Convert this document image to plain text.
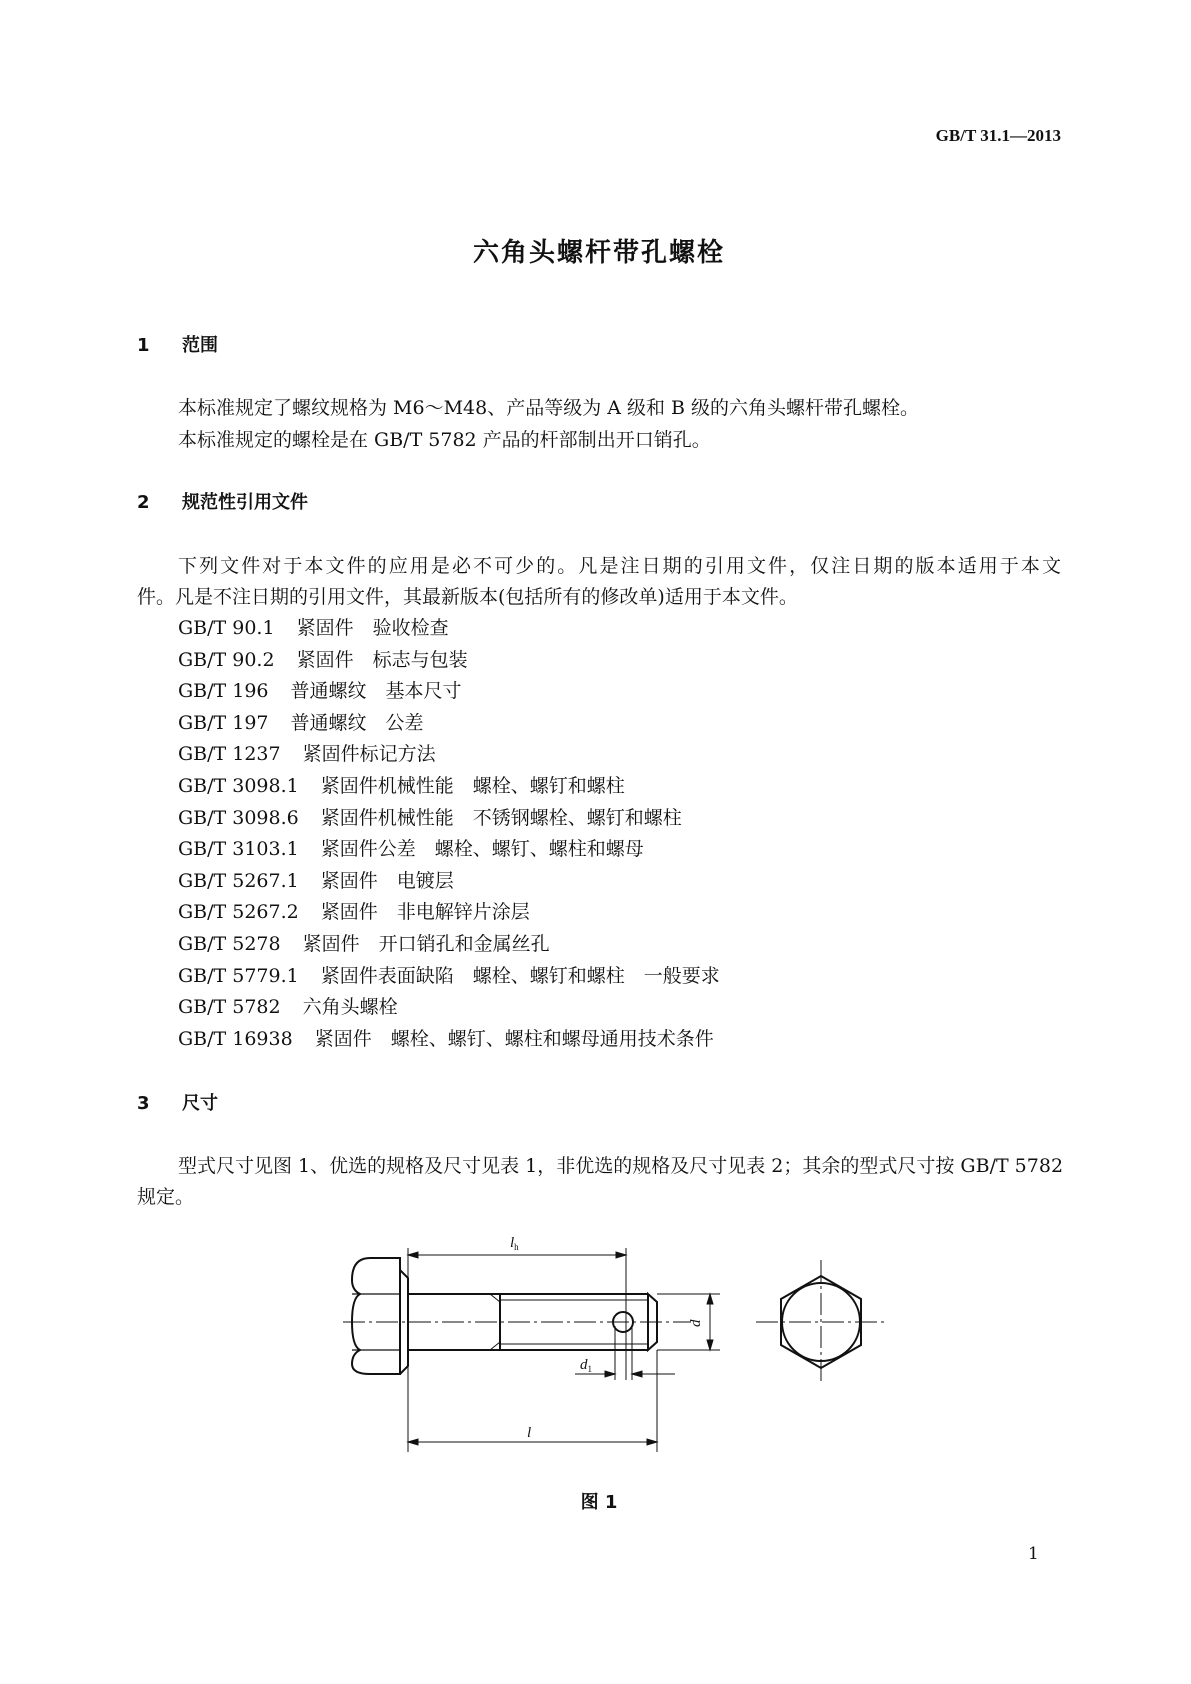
GB/T 31.1—2013
六角头螺杆带孔螺栓
1 范围
本标准规定了螺纹规格为 M6～M48、产品等级为 A 级和 B 级的六角头螺杆带孔螺栓。
本标准规定的螺栓是在 GB/T 5782 产品的杆部制出开口销孔。
2 规范性引用文件
下列文件对于本文件的应用是必不可少的。凡是注日期的引用文件，仅注日期的版本适用于本文
件。凡是不注日期的引用文件，其最新版本(包括所有的修改单)适用于本文件。
GB/T 90.1 紧固件　验收检查
GB/T 90.2 紧固件　标志与包装
GB/T 196 普通螺纹　基本尺寸
GB/T 197 普通螺纹　公差
GB/T 1237 紧固件标记方法
GB/T 3098.1 紧固件机械性能　螺栓、螺钉和螺柱
GB/T 3098.6 紧固件机械性能　不锈钢螺栓、螺钉和螺柱
GB/T 3103.1 紧固件公差　螺栓、螺钉、螺柱和螺母
GB/T 5267.1 紧固件　电镀层
GB/T 5267.2 紧固件　非电解锌片涂层
GB/T 5278 紧固件　开口销孔和金属丝孔
GB/T 5779.1 紧固件表面缺陷　螺栓、螺钉和螺柱　一般要求
GB/T 5782 六角头螺栓
GB/T 16938 紧固件　螺栓、螺钉、螺柱和螺母通用技术条件
3 尺寸
型式尺寸见图 1、优选的规格及尺寸见表 1，非优选的规格及尺寸见表 2；其余的型式尺寸按 GB/T 5782
规定。
$l_h$
d
$d_1$
l
图 1
1
